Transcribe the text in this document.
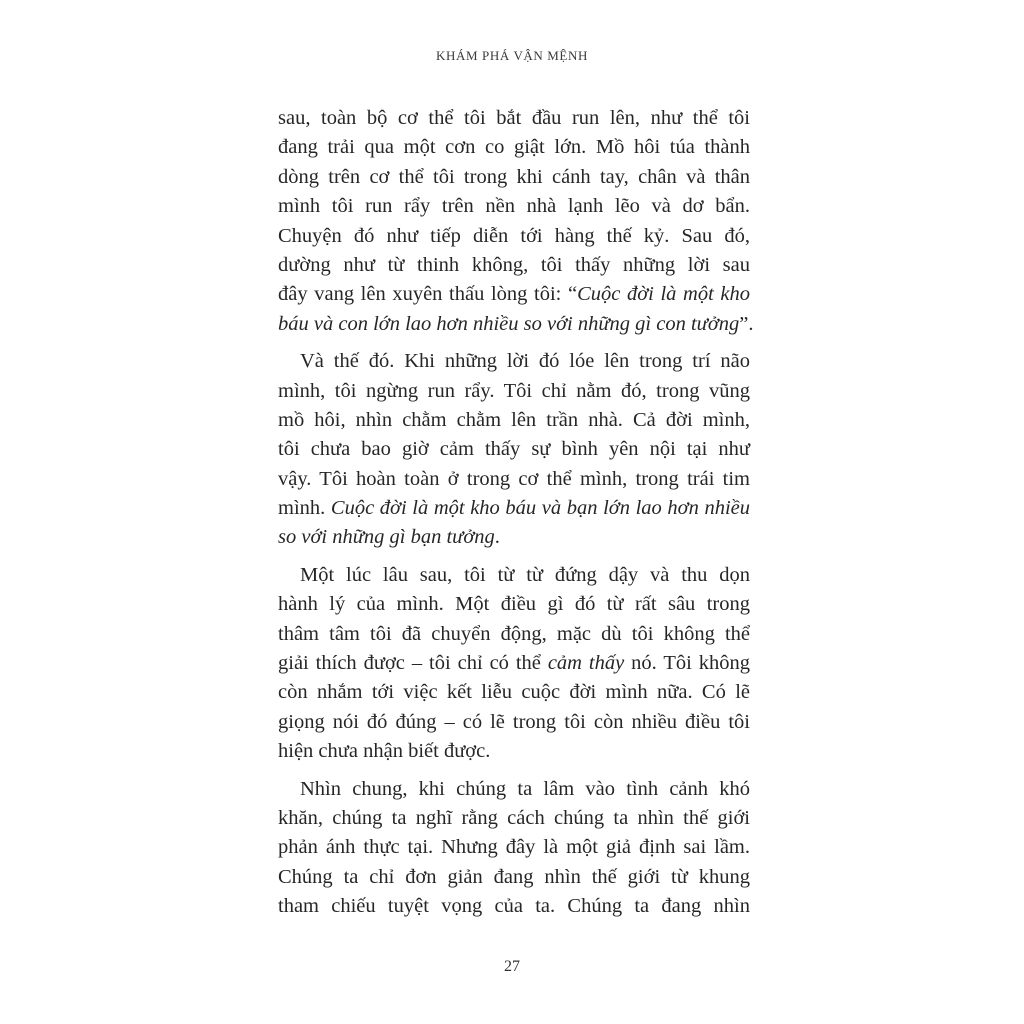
KHÁM PHÁ VẬN MỆNH
sau, toàn bộ cơ thể tôi bắt đầu run lên, như thể tôi
đang trải qua một cơn co giật lớn. Mồ hôi túa thành
dòng trên cơ thể tôi trong khi cánh tay, chân và thân
mình tôi run rẩy trên nền nhà lạnh lẽo và dơ bẩn.
Chuyện đó như tiếp diễn tới hàng thế kỷ. Sau đó,
dường như từ thinh không, tôi thấy những lời sau
đây vang lên xuyên thấu lòng tôi: “Cuộc đời là một kho
báu và con lớn lao hơn nhiều so với những gì con tưởng”.
Và thế đó. Khi những lời đó lóe lên trong trí não
mình, tôi ngừng run rẩy. Tôi chỉ nằm đó, trong vũng
mồ hôi, nhìn chằm chằm lên trần nhà. Cả đời mình,
tôi chưa bao giờ cảm thấy sự bình yên nội tại như
vậy. Tôi hoàn toàn ở trong cơ thể mình, trong trái tim
mình. Cuộc đời là một kho báu và bạn lớn lao hơn nhiều
so với những gì bạn tưởng.
Một lúc lâu sau, tôi từ từ đứng dậy và thu dọn
hành lý của mình. Một điều gì đó từ rất sâu trong
thâm tâm tôi đã chuyển động, mặc dù tôi không thể
giải thích được – tôi chỉ có thể cảm thấy nó. Tôi không
còn nhắm tới việc kết liễu cuộc đời mình nữa. Có lẽ
giọng nói đó đúng – có lẽ trong tôi còn nhiều điều tôi
hiện chưa nhận biết được.
Nhìn chung, khi chúng ta lâm vào tình cảnh khó
khăn, chúng ta nghĩ rằng cách chúng ta nhìn thế giới
phản ánh thực tại. Nhưng đây là một giả định sai lầm.
Chúng ta chỉ đơn giản đang nhìn thế giới từ khung
tham chiếu tuyệt vọng của ta. Chúng ta đang nhìn
27
